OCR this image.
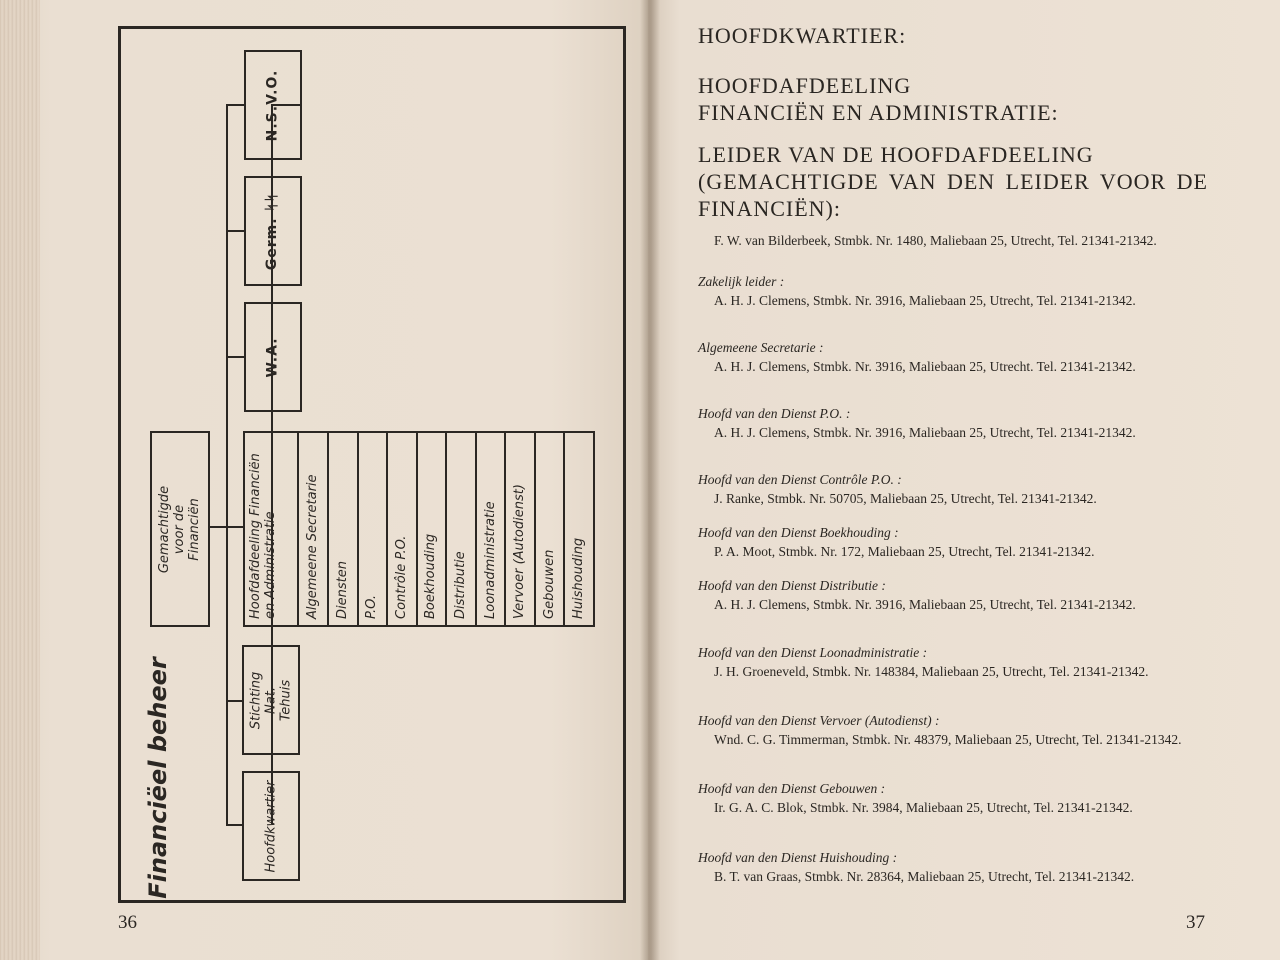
Financiëel beheer
N.S.V.O.
Germ. ᛋᛋ
W.A.
Gemachtigde voor de Financiën	Hoofdafdeeling Financiën en Administratie Algemeene Secretarie Diensten P.O. Contrôle P.O. Boekhouding Distributie Loonadministratie Vervoer (Autodienst) Gebouwen Huishouding
Stichting Nat. Tehuis
Hoofdkwartier
36

HOOFDKWARTIER:

HOOFDAFDEELING

FINANCIËN EN ADMINISTRATIE:

LEIDER VAN DE HOOFDAFDEELING

(GEMACHTIGDE VAN DEN LEIDER VOOR DE

FINANCIËN):

F. W. van Bilderbeek, Stmbk. Nr. 1480, Maliebaan 25, Utrecht, Tel. 21341-21342.

Zakelijk leider :

A. H. J. Clemens, Stmbk. Nr. 3916, Maliebaan 25, Utrecht, Tel. 21341-21342.

Algemeene Secretarie :

A. H. J. Clemens, Stmbk. Nr. 3916, Maliebaan 25, Utrecht. Tel. 21341-21342.

Hoofd van den Dienst P.O. :

A. H. J. Clemens, Stmbk. Nr. 3916, Maliebaan 25, Utrecht, Tel. 21341-21342.

Hoofd van den Dienst Contrôle P.O. :

J. Ranke, Stmbk. Nr. 50705, Maliebaan 25, Utrecht, Tel. 21341-21342.

Hoofd van den Dienst Boekhouding :

P. A. Moot, Stmbk. Nr. 172, Maliebaan 25, Utrecht, Tel. 21341-21342.

Hoofd van den Dienst Distributie :

A. H. J. Clemens, Stmbk. Nr. 3916, Maliebaan 25, Utrecht, Tel. 21341-21342.

Hoofd van den Dienst Loonadministratie :

J. H. Groeneveld, Stmbk. Nr. 148384, Maliebaan 25, Utrecht, Tel. 21341-21342.

Hoofd van den Dienst Vervoer (Autodienst) :

Wnd. C. G. Timmerman, Stmbk. Nr. 48379, Maliebaan 25, Utrecht, Tel. 21341-21342.

Hoofd van den Dienst Gebouwen :

Ir. G. A. C. Blok, Stmbk. Nr. 3984, Maliebaan 25, Utrecht, Tel. 21341-21342.

Hoofd van den Dienst Huishouding :

B. T. van Graas, Stmbk. Nr. 28364, Maliebaan 25, Utrecht, Tel. 21341-21342.

37
